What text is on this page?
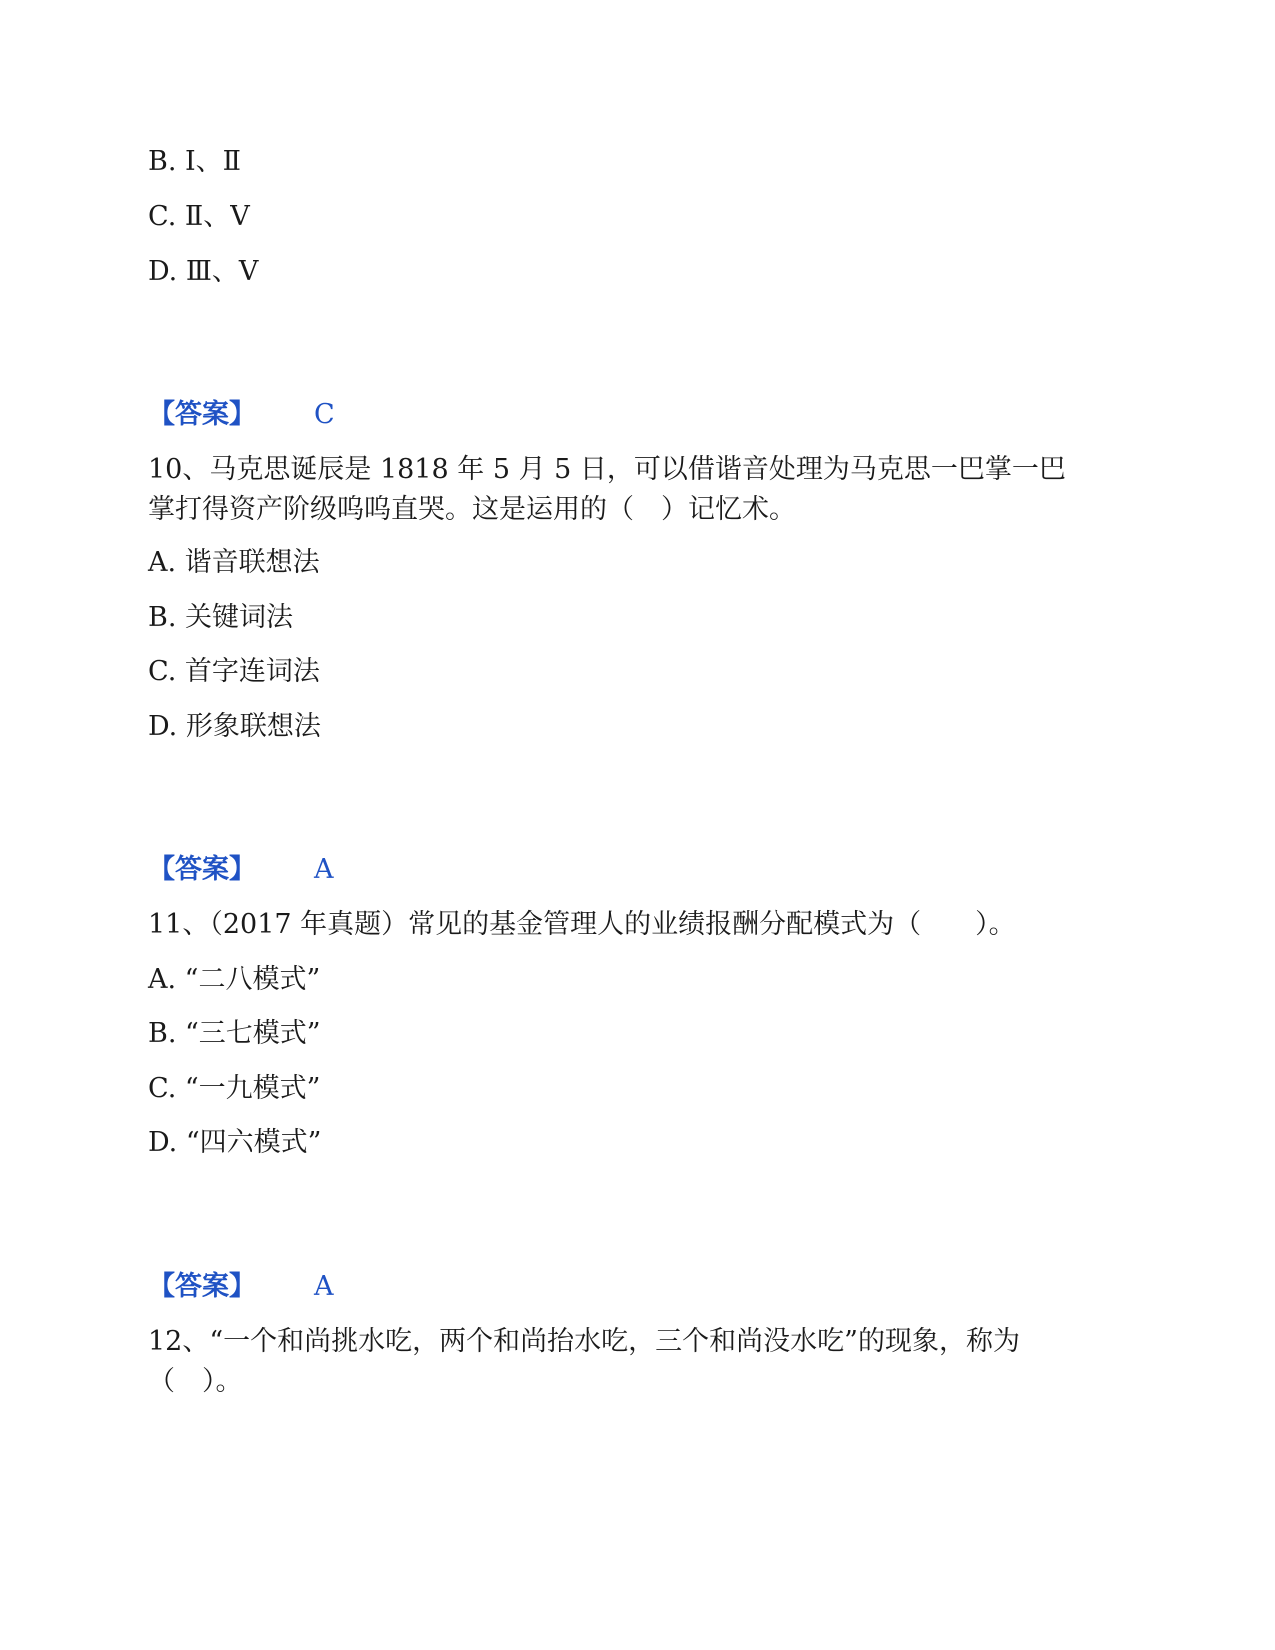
B. Ⅰ、Ⅱ
C. Ⅱ、Ⅴ
D. Ⅲ、Ⅴ
【答案】 C
10、马克思诞辰是 1818 年 5 月 5 日，可以借谐音处理为马克思一巴掌一巴掌打得资产阶级呜呜直哭。这是运用的（　）记忆术。
A. 谐音联想法
B. 关键词法
C. 首字连词法
D. 形象联想法
【答案】 A
11、（2017 年真题）常见的基金管理人的业绩报酬分配模式为（　　）。
A. “二八模式”
B. “三七模式”
C. “一九模式”
D. “四六模式”
【答案】 A
12、“一个和尚挑水吃，两个和尚抬水吃，三个和尚没水吃”的现象，称为（　）。
